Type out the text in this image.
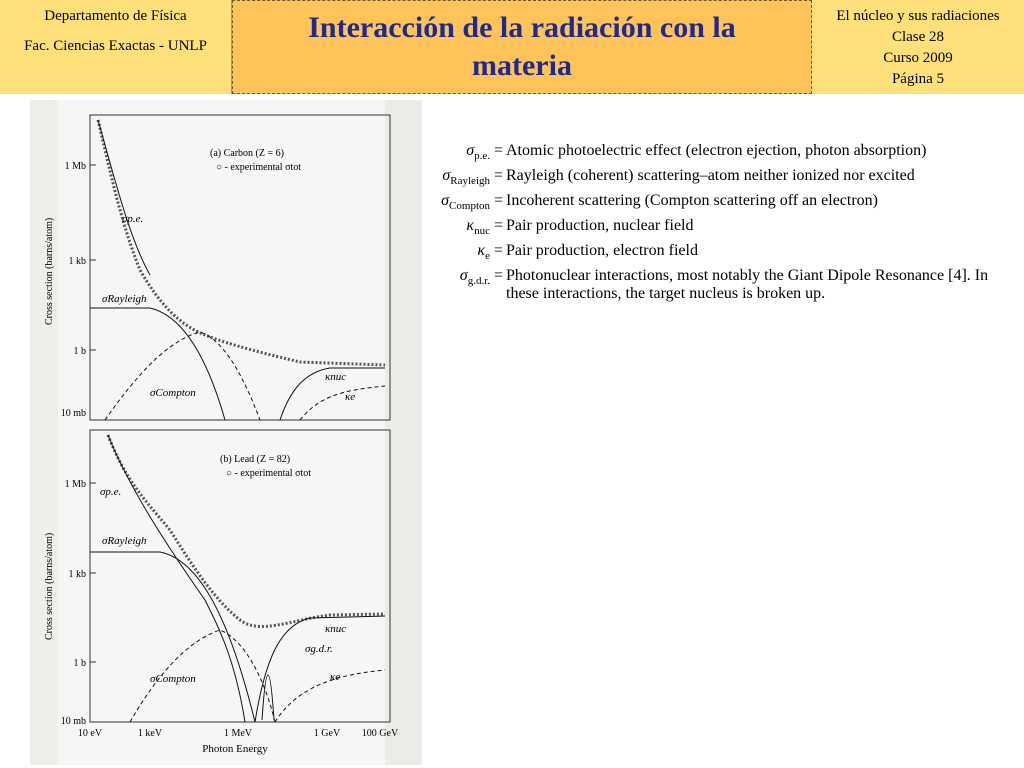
Departamento de Física
Fac. Ciencias Exactas - UNLP
Interacción de la radiación con la materia
El núcleo y sus radiaciones
Clase 28
Curso 2009
Página 5
1 Mb
1 kb
1 b
10 mb
Cross section (barns/atom)
(a) Carbon (Z = 6)
○ - experimental σtot
σp.e.
σRayleigh
σCompton
κnuc
κe
1 Mb
1 kb
1 b
10 mb
Cross section (barns/atom)
(b) Lead (Z = 82)
○ - experimental σtot
σp.e.
σRayleigh
σCompton
κnuc
σg.d.r.
κe
10 eV	1 keV	1 MeV	1 GeV 100 GeV
Photon Energy
$\sigma_{p.e.}$ = Atomic photoelectric effect (electron ejection, photon absorption)
$\sigma_{Rayleigh}$ = Rayleigh (coherent) scattering–atom neither ionized nor excited
$\sigma_{Compton}$ = Incoherent scattering (Compton scattering off an electron)
$\kappa_{nuc}$ = Pair production, nuclear field
$\kappa_e$ = Pair production, electron field
$\sigma_{g.d.r.}$ = Photonuclear interactions, most notably the Giant Dipole Resonance [4]. In these interactions, the target nucleus is broken up.
